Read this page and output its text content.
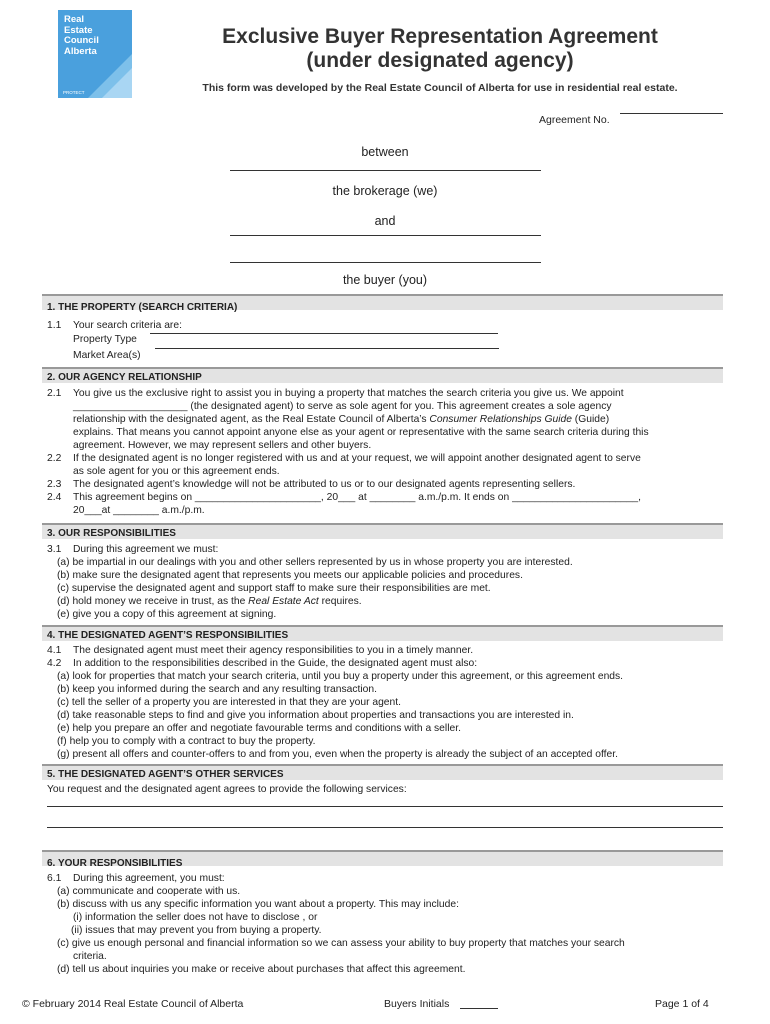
Real
Estate
Council
Alberta
PROTECT
Exclusive Buyer Representation Agreement
(under designated agency)
This form was developed by the Real Estate Council of Alberta for use in residential real estate.
Agreement No.
between
the brokerage (we)
and
the buyer (you)
1. THE PROPERTY (SEARCH CRITERIA)
1.1 Your search criteria are:
Property Type
Market Area(s)
2. OUR AGENCY RELATIONSHIP
2.1 You give us the exclusive right to assist you in buying a property that matches the search criteria you give us. We appoint
____________________ (the designated agent) to serve as sole agent for you. This agreement creates a sole agency
relationship with the designated agent, as the Real Estate Council of Alberta’s Consumer Relationships Guide (Guide)
explains. That means you cannot appoint anyone else as your agent or representative with the same search criteria during this
agreement. However, we may represent sellers and other buyers.
2.2 If the designated agent is no longer registered with us and at your request, we will appoint another designated agent to serve
as sole agent for you or this agreement ends.
2.3 The designated agent’s knowledge will not be attributed to us or to our designated agents representing sellers.
2.4 This agreement begins on ______________________, 20___ at ________ a.m./p.m. It ends on ______________________,
20___at ________ a.m./p.m.
3. OUR RESPONSIBILITIES
3.1 During this agreement we must:
(a) be impartial in our dealings with you and other sellers represented by us in whose property you are interested.
(b) make sure the designated agent that represents you meets our applicable policies and procedures.
(c) supervise the designated agent and support staff to make sure their responsibilities are met.
(d) hold money we receive in trust, as the Real Estate Act requires.
(e) give you a copy of this agreement at signing.
4. THE DESIGNATED AGENT’S RESPONSIBILITIES
4.1 The designated agent must meet their agency responsibilities to you in a timely manner.
4.2 In addition to the responsibilities described in the Guide, the designated agent must also:
(a) look for properties that match your search criteria, until you buy a property under this agreement, or this agreement ends.
(b) keep you informed during the search and any resulting transaction.
(c) tell the seller of a property you are interested in that they are your agent.
(d) take reasonable steps to find and give you information about properties and transactions you are interested in.
(e) help you prepare an offer and negotiate favourable terms and conditions with a seller.
(f) help you to comply with a contract to buy the property.
(g) present all offers and counter-offers to and from you, even when the property is already the subject of an accepted offer.
5. THE DESIGNATED AGENT’S OTHER SERVICES
You request and the designated agent agrees to provide the following services:
6. YOUR RESPONSIBILITIES
6.1 During this agreement, you must:
(a) communicate and cooperate with us.
(b) discuss with us any specific information you want about a property. This may include:
(i) information the seller does not have to disclose , or
(ii) issues that may prevent you from buying a property.
(c) give us enough personal and financial information so we can assess your ability to buy property that matches your search
criteria.
(d) tell us about inquiries you make or receive about purchases that affect this agreement.
© February 2014 Real Estate Council of Alberta	Buyers Initials	Page 1 of 4
